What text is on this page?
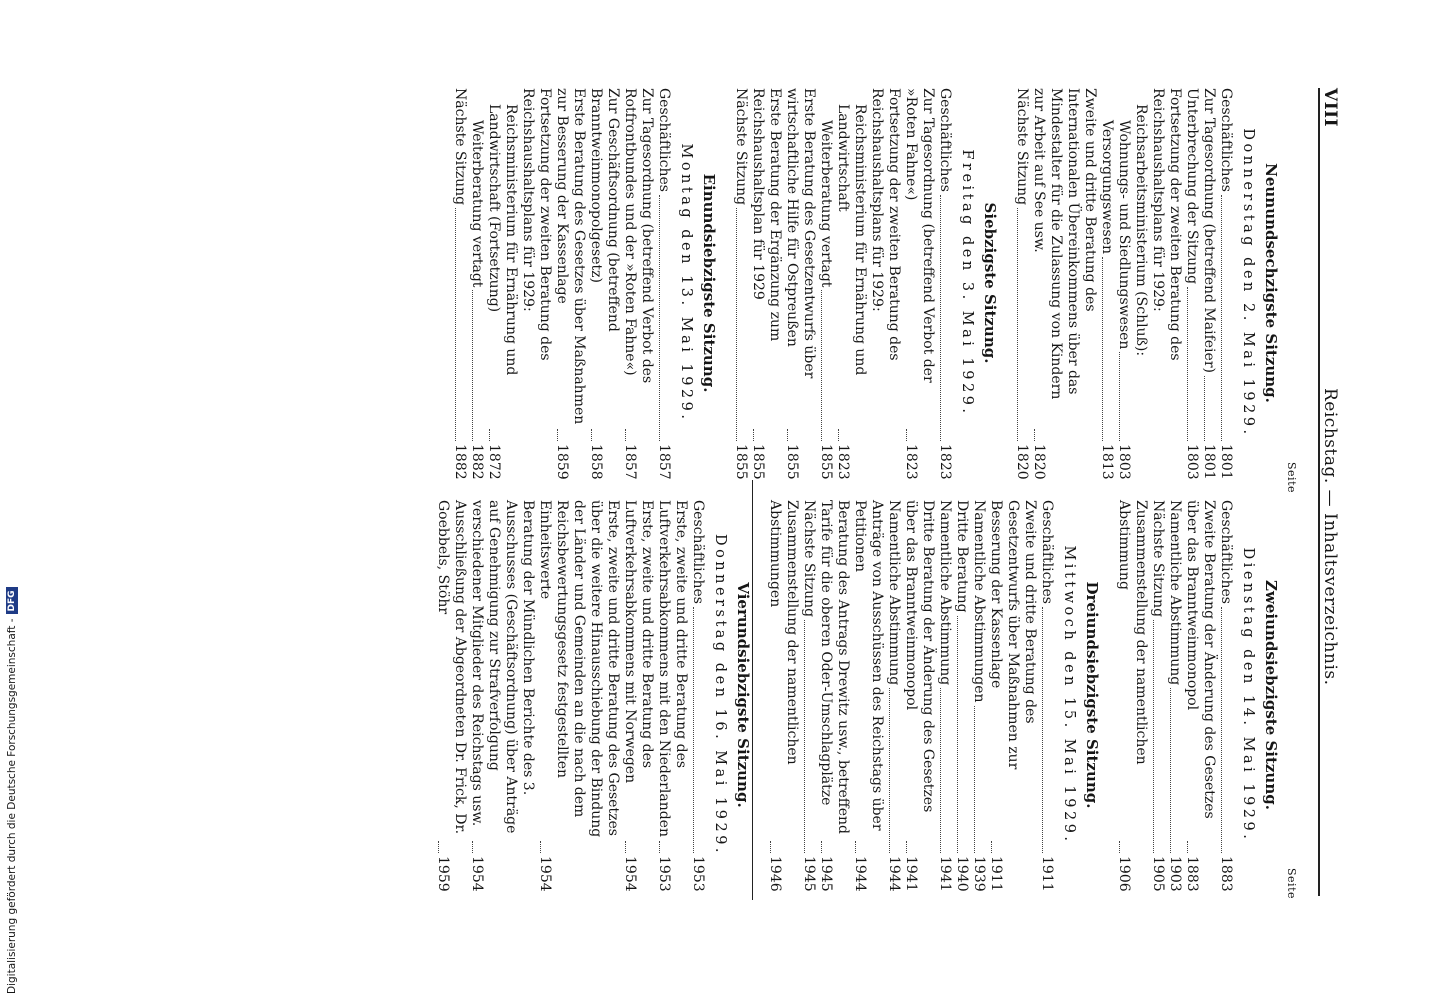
VIII
Reichstag. — Inhaltsverzeichnis.
Seite
Seite
Neunundsechzigste Sitzung.
Donnerstag den 2. Mai 1929.
Geschäftliches
1801
Zur Tagesordnung (betreffend Maifeier)
1801
Unterbrechung der Sitzung
1803
Fortsetzung der zweiten Beratung des Reichshaushaltsplans für 1929:
Reichsarbeitsministerium (Schluß):
Wohnungs- und Siedlungswesen
1803
Versorgungswesen
1813
Zweite und dritte Beratung des Internationalen Übereinkommens über das Mindestalter für die Zulassung von Kindern zur Arbeit auf See usw.
1820
Nächste Sitzung
1820
Siebzigste Sitzung.
Freitag den 3. Mai 1929.
Geschäftliches
1823
Zur Tagesordnung (betreffend Verbot der »Roten Fahne«)
1823
Fortsetzung der zweiten Beratung des Reichshaushaltsplans für 1929:
Reichsministerium für Ernährung und Landwirtschaft
1823
Weiterberatung vertagt
1855
Erste Beratung des Gesetzentwurfs über wirtschaftliche Hilfe für Ostpreußen
1855
Erste Beratung der Ergänzung zum Reichshaushaltsplan für 1929
1855
Nächste Sitzung
1855
Einundsiebzigste Sitzung.
Montag den 13. Mai 1929.
Geschäftliches
1857
Zur Tagesordnung (betreffend Verbot des Rotfrontbundes und der »Roten Fahne«)
1857
Zur Geschäftsordnung (betreffend Branntweinmonopolgesetz)
1858
Erste Beratung des Gesetzes über Maßnahmen zur Besserung der Kassenlage
1859
Fortsetzung der zweiten Beratung des Reichshaushaltsplans für 1929:
Reichsministerium für Ernährung und Landwirtschaft (Fortsetzung)
1872
Weiterberatung vertagt
1882
Nächste Sitzung
1882
Zweiundsiebzigste Sitzung.
Dienstag den 14. Mai 1929.
Geschäftliches
1883
Zweite Beratung der Änderung des Gesetzes über das Branntweinmonopol
1883
Namentliche Abstimmung
1903
Nächste Sitzung
1905
Zusammenstellung der namentlichen Abstimmung
1906
Dreiundsiebzigste Sitzung.
Mittwoch den 15. Mai 1929.
Geschäftliches
1911
Zweite und dritte Beratung des Gesetzentwurfs über Maßnahmen zur Besserung der Kassenlage
1911
Namentliche Abstimmungen
1939
Dritte Beratung
1940
Namentliche Abstimmung
1941
Dritte Beratung der Änderung des Gesetzes über das Branntweinmonopol
1941
Namentliche Abstimmung
1944
Anträge von Ausschüssen des Reichstags über Petitionen
1944
Beratung des Antrags Drewitz usw., betreffend Tarife für die oberen Oder-Umschlagplätze
1945
Nächste Sitzung
1945
Zusammenstellung der namentlichen Abstimmungen
1946
Vierundsiebzigste Sitzung.
Donnerstag den 16. Mai 1929.
Geschäftliches
1953
Erste, zweite und dritte Beratung des Luftverkehrsabkommens mit den Niederlanden
1953
Erste, zweite und dritte Beratung des Luftverkehrsabkommens mit Norwegen
1954
Erste, zweite und dritte Beratung des Gesetzes über die weitere Hinausschiebung der Bindung der Länder und Gemeinden an die nach dem Reichsbewertungsgesetz festgestellten Einheitswerte
1954
Beratung der Mündlichen Berichte des 3. Ausschusses (Geschäftsordnung) über Anträge auf Genehmigung zur Strafverfolgung verschiedener Mitglieder des Reichstags usw.
1954
Ausschließung der Abgeordneten Dr. Frick, Dr. Goebbels, Stöhr
1959
Digitalisierung gefördert durch die Deutsche Forschungsgemeinschaft -
DFG
